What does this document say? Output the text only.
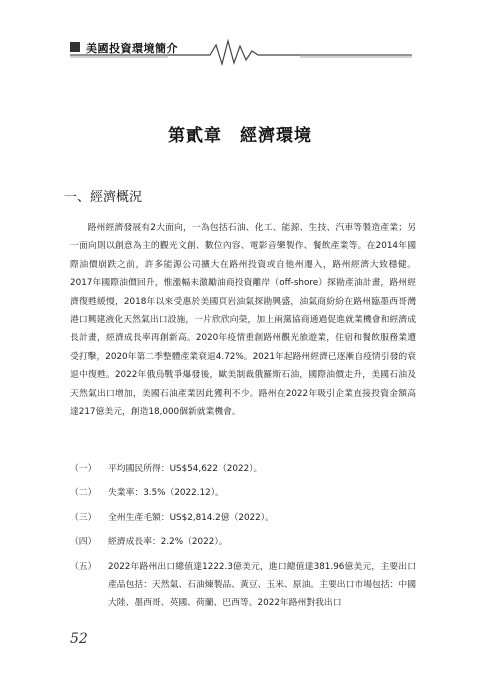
美國投資環境簡介
第貳章　經濟環境
一、經濟概況

路州經濟發展有2大面向，一為包括石油、化工、能源、生技、汽車等製造產業；另一面向則以創意為主的觀光文創、數位內容、電影音樂製作、餐飲產業等。在2014年國際油價崩跌之前，許多能源公司擴大在路州投資或自他州遷入，路州經濟大致穩健。2017年國際油價回升，惟漲幅未激勵油商投資離岸（off-shore）探勘產油計畫，路州經濟復甦緩慢，2018年以來受惠於美國頁岩油氣探勘興盛，油氣商紛紛在路州臨墨西哥灣港口興建液化天然氣出口設施，一片欣欣向榮，加上兩黨協商通過促進就業機會和經濟成長計畫，經濟成長率再創新高。2020年疫情重創路州觀光旅遊業，住宿和餐飲服務業遭受打擊，2020年第二季整體產業衰退4.72%。2021年起路州經濟已逐漸自疫情引發的衰退中復甦。2022年俄烏戰爭爆發後，歐美制裁俄羅斯石油，國際油價走升，美國石油及天然氣出口增加，美國石油產業因此獲利不少。路州在2022年吸引企業直接投資金額高達217億美元，創造18,000個新就業機會。

（一）	平均國民所得：US$54,622（2022）。
（二）	失業率：3.5%（2022.12）。
（三）	全州生產毛額：US$2,814.2億（2022）。
（四）	經濟成長率：2.2%（2022）。
（五）	2022年路州出口總值達1222.3億美元，進口總值達381.96億美元，主要出口產品包括：天然氣、石油煉製品、黃豆、玉米、原油。主要出口市場包括：中國大陸、墨西哥、英國、荷蘭、巴西等。2022年路州對我出口
52
